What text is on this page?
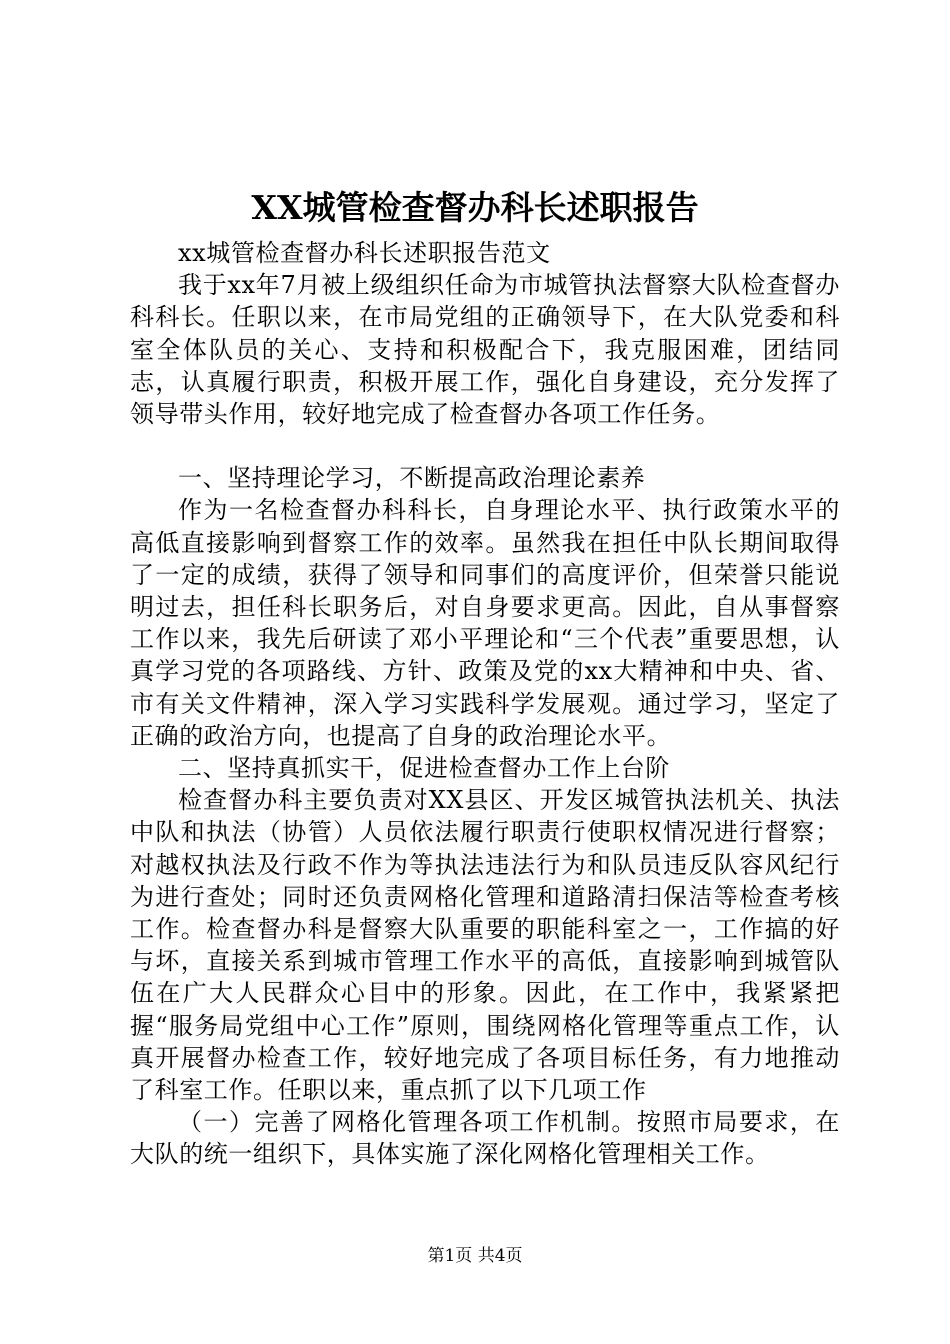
XX城管检查督办科长述职报告

xx城管检查督办科长述职报告范文

我于xx年7月被上级组织任命为市城管执法督察大队检查督办科科长。任职以来，在市局党组的正确领导下，在大队党委和科室全体队员的关心、支持和积极配合下，我克服困难，团结同志，认真履行职责，积极开展工作，强化自身建设，充分发挥了领导带头作用，较好地完成了检查督办各项工作任务。

一、坚持理论学习，不断提高政治理论素养

作为一名检查督办科科长，自身理论水平、执行政策水平的高低直接影响到督察工作的效率。虽然我在担任中队长期间取得了一定的成绩，获得了领导和同事们的高度评价，但荣誉只能说明过去，担任科长职务后，对自身要求更高。因此，自从事督察工作以来，我先后研读了邓小平理论和“三个代表”重要思想，认真学习党的各项路线、方针、政策及党的xx大精神和中央、省、市有关文件精神，深入学习实践科学发展观。通过学习，坚定了正确的政治方向，也提高了自身的政治理论水平。

二、坚持真抓实干，促进检查督办工作上台阶

检查督办科主要负责对XX县区、开发区城管执法机关、执法中队和执法（协管）人员依法履行职责行使职权情况进行督察；对越权执法及行政不作为等执法违法行为和队员违反队容风纪行为进行查处；同时还负责网格化管理和道路清扫保洁等检查考核工作。检查督办科是督察大队重要的职能科室之一，工作搞的好与坏，直接关系到城市管理工作水平的高低，直接影响到城管队伍在广大人民群众心目中的形象。因此，在工作中，我紧紧把握“服务局党组中心工作”原则，围绕网格化管理等重点工作，认真开展督办检查工作，较好地完成了各项目标任务，有力地推动了科室工作。任职以来，重点抓了以下几项工作

（一）完善了网格化管理各项工作机制。按照市局要求，在大队的统一组织下，具体实施了深化网格化管理相关工作。

第1页 共4页
